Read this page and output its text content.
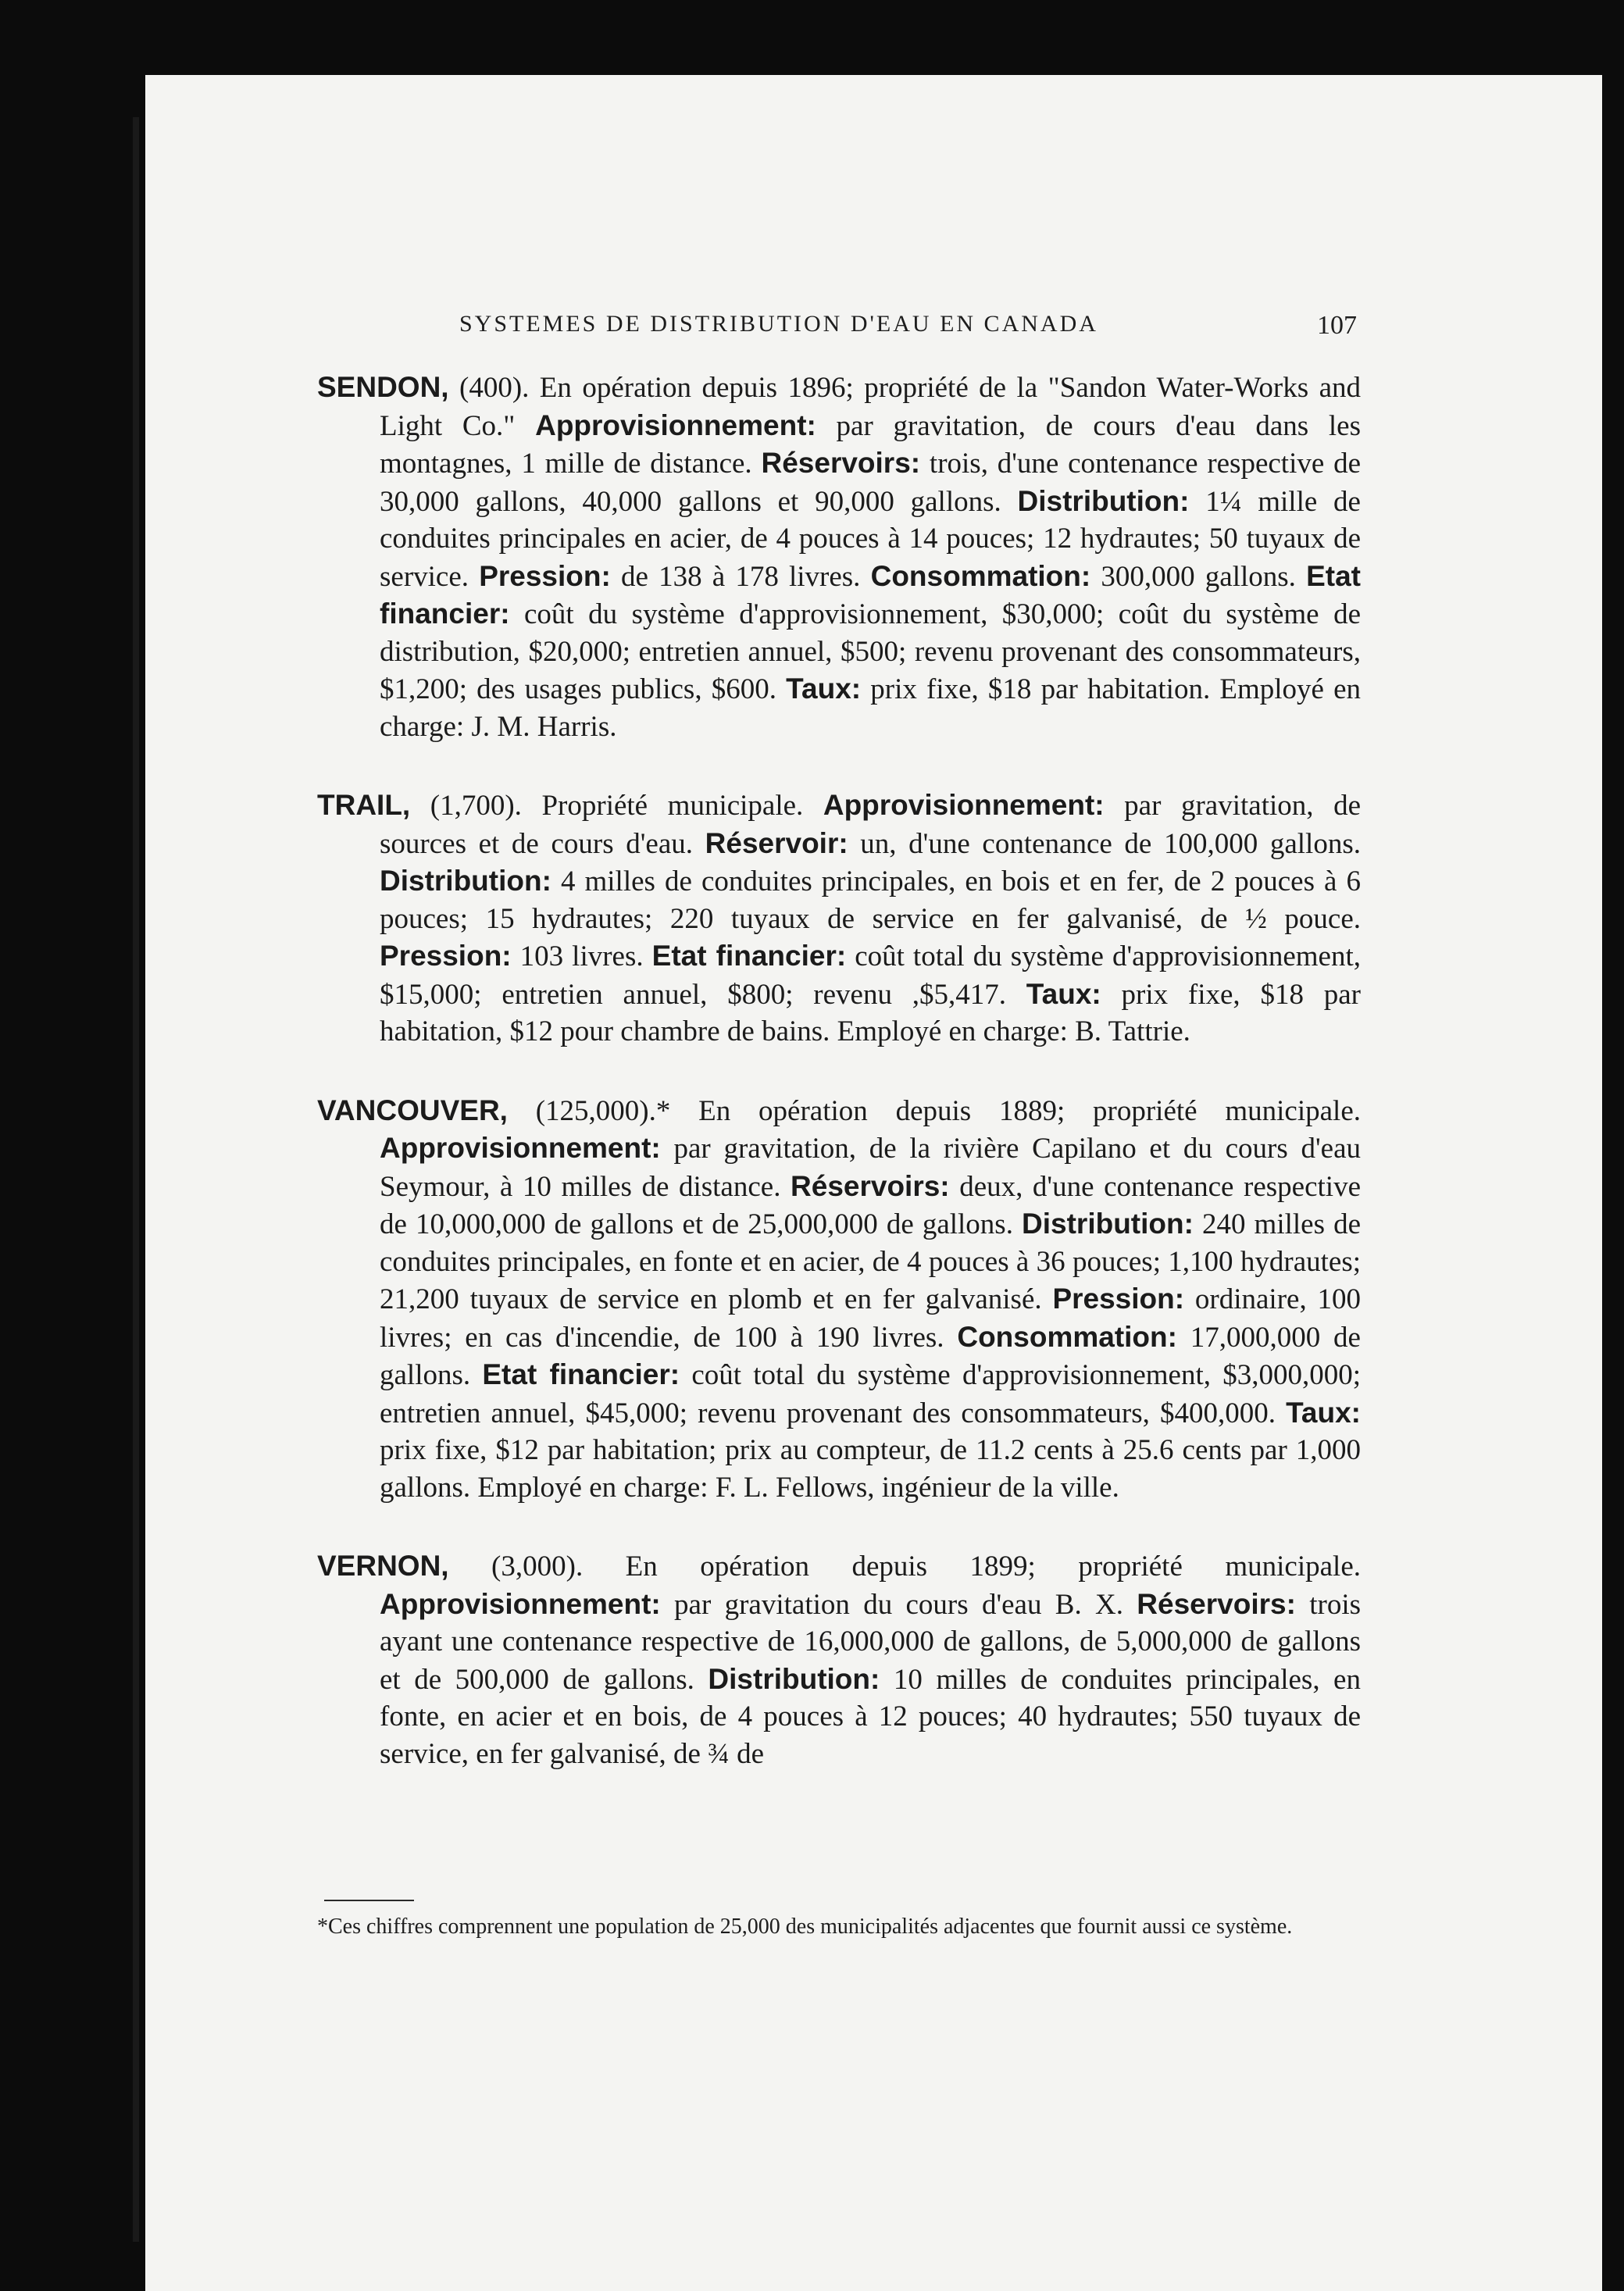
SYSTEMES DE DISTRIBUTION D'EAU EN CANADA	107

SENDON, (400). En opération depuis 1896; propriété de la "Sandon Water-Works and Light Co." Approvisionnement: par gravitation, de cours d'eau dans les montagnes, 1 mille de distance. Réservoirs: trois, d'une contenance respective de 30,000 gallons, 40,000 gallons et 90,000 gallons. Distribution: 1¼ mille de conduites principales en acier, de 4 pouces à 14 pouces; 12 hydrautes; 50 tuyaux de service. Pression: de 138 à 178 livres. Consommation: 300,000 gallons. Etat financier: coût du système d'approvisionnement, $30,000; coût du système de distribution, $20,000; entretien annuel, $500; revenu provenant des consommateurs, $1,200; des usages publics, $600. Taux: prix fixe, $18 par habitation. Employé en charge: J. M. Harris.

TRAIL, (1,700). Propriété municipale. Approvisionnement: par gravitation, de sources et de cours d'eau. Réservoir: un, d'une contenance de 100,000 gallons. Distribution: 4 milles de conduites principales, en bois et en fer, de 2 pouces à 6 pouces; 15 hydrautes; 220 tuyaux de service en fer galvanisé, de ½ pouce. Pression: 103 livres. Etat financier: coût total du système d'approvisionnement, $15,000; entretien annuel, $800; revenu ,$5,417. Taux: prix fixe, $18 par habitation, $12 pour chambre de bains. Employé en charge: B. Tattrie.

VANCOUVER, (125,000).* En opération depuis 1889; propriété municipale. Approvisionnement: par gravitation, de la rivière Capilano et du cours d'eau Seymour, à 10 milles de distance. Réservoirs: deux, d'une contenance respective de 10,000,000 de gallons et de 25,000,000 de gallons. Distribution: 240 milles de conduites principales, en fonte et en acier, de 4 pouces à 36 pouces; 1,100 hydrautes; 21,200 tuyaux de service en plomb et en fer galvanisé. Pression: ordinaire, 100 livres; en cas d'incendie, de 100 à 190 livres. Consommation: 17,000,000 de gallons. Etat financier: coût total du système d'approvisionnement, $3,000,000; entretien annuel, $45,000; revenu provenant des consommateurs, $400,000. Taux: prix fixe, $12 par habitation; prix au compteur, de 11.2 cents à 25.6 cents par 1,000 gallons. Employé en charge: F. L. Fellows, ingénieur de la ville.

VERNON, (3,000). En opération depuis 1899; propriété municipale. Approvisionnement: par gravitation du cours d'eau B. X. Réservoirs: trois ayant une contenance respective de 16,000,000 de gallons, de 5,000,000 de gallons et de 500,000 de gallons. Distribution: 10 milles de conduites principales, en fonte, en acier et en bois, de 4 pouces à 12 pouces; 40 hydrautes; 550 tuyaux de service, en fer galvanisé, de ¾ de

*Ces chiffres comprennent une population de 25,000 des municipalités adjacentes que fournit aussi ce système.
